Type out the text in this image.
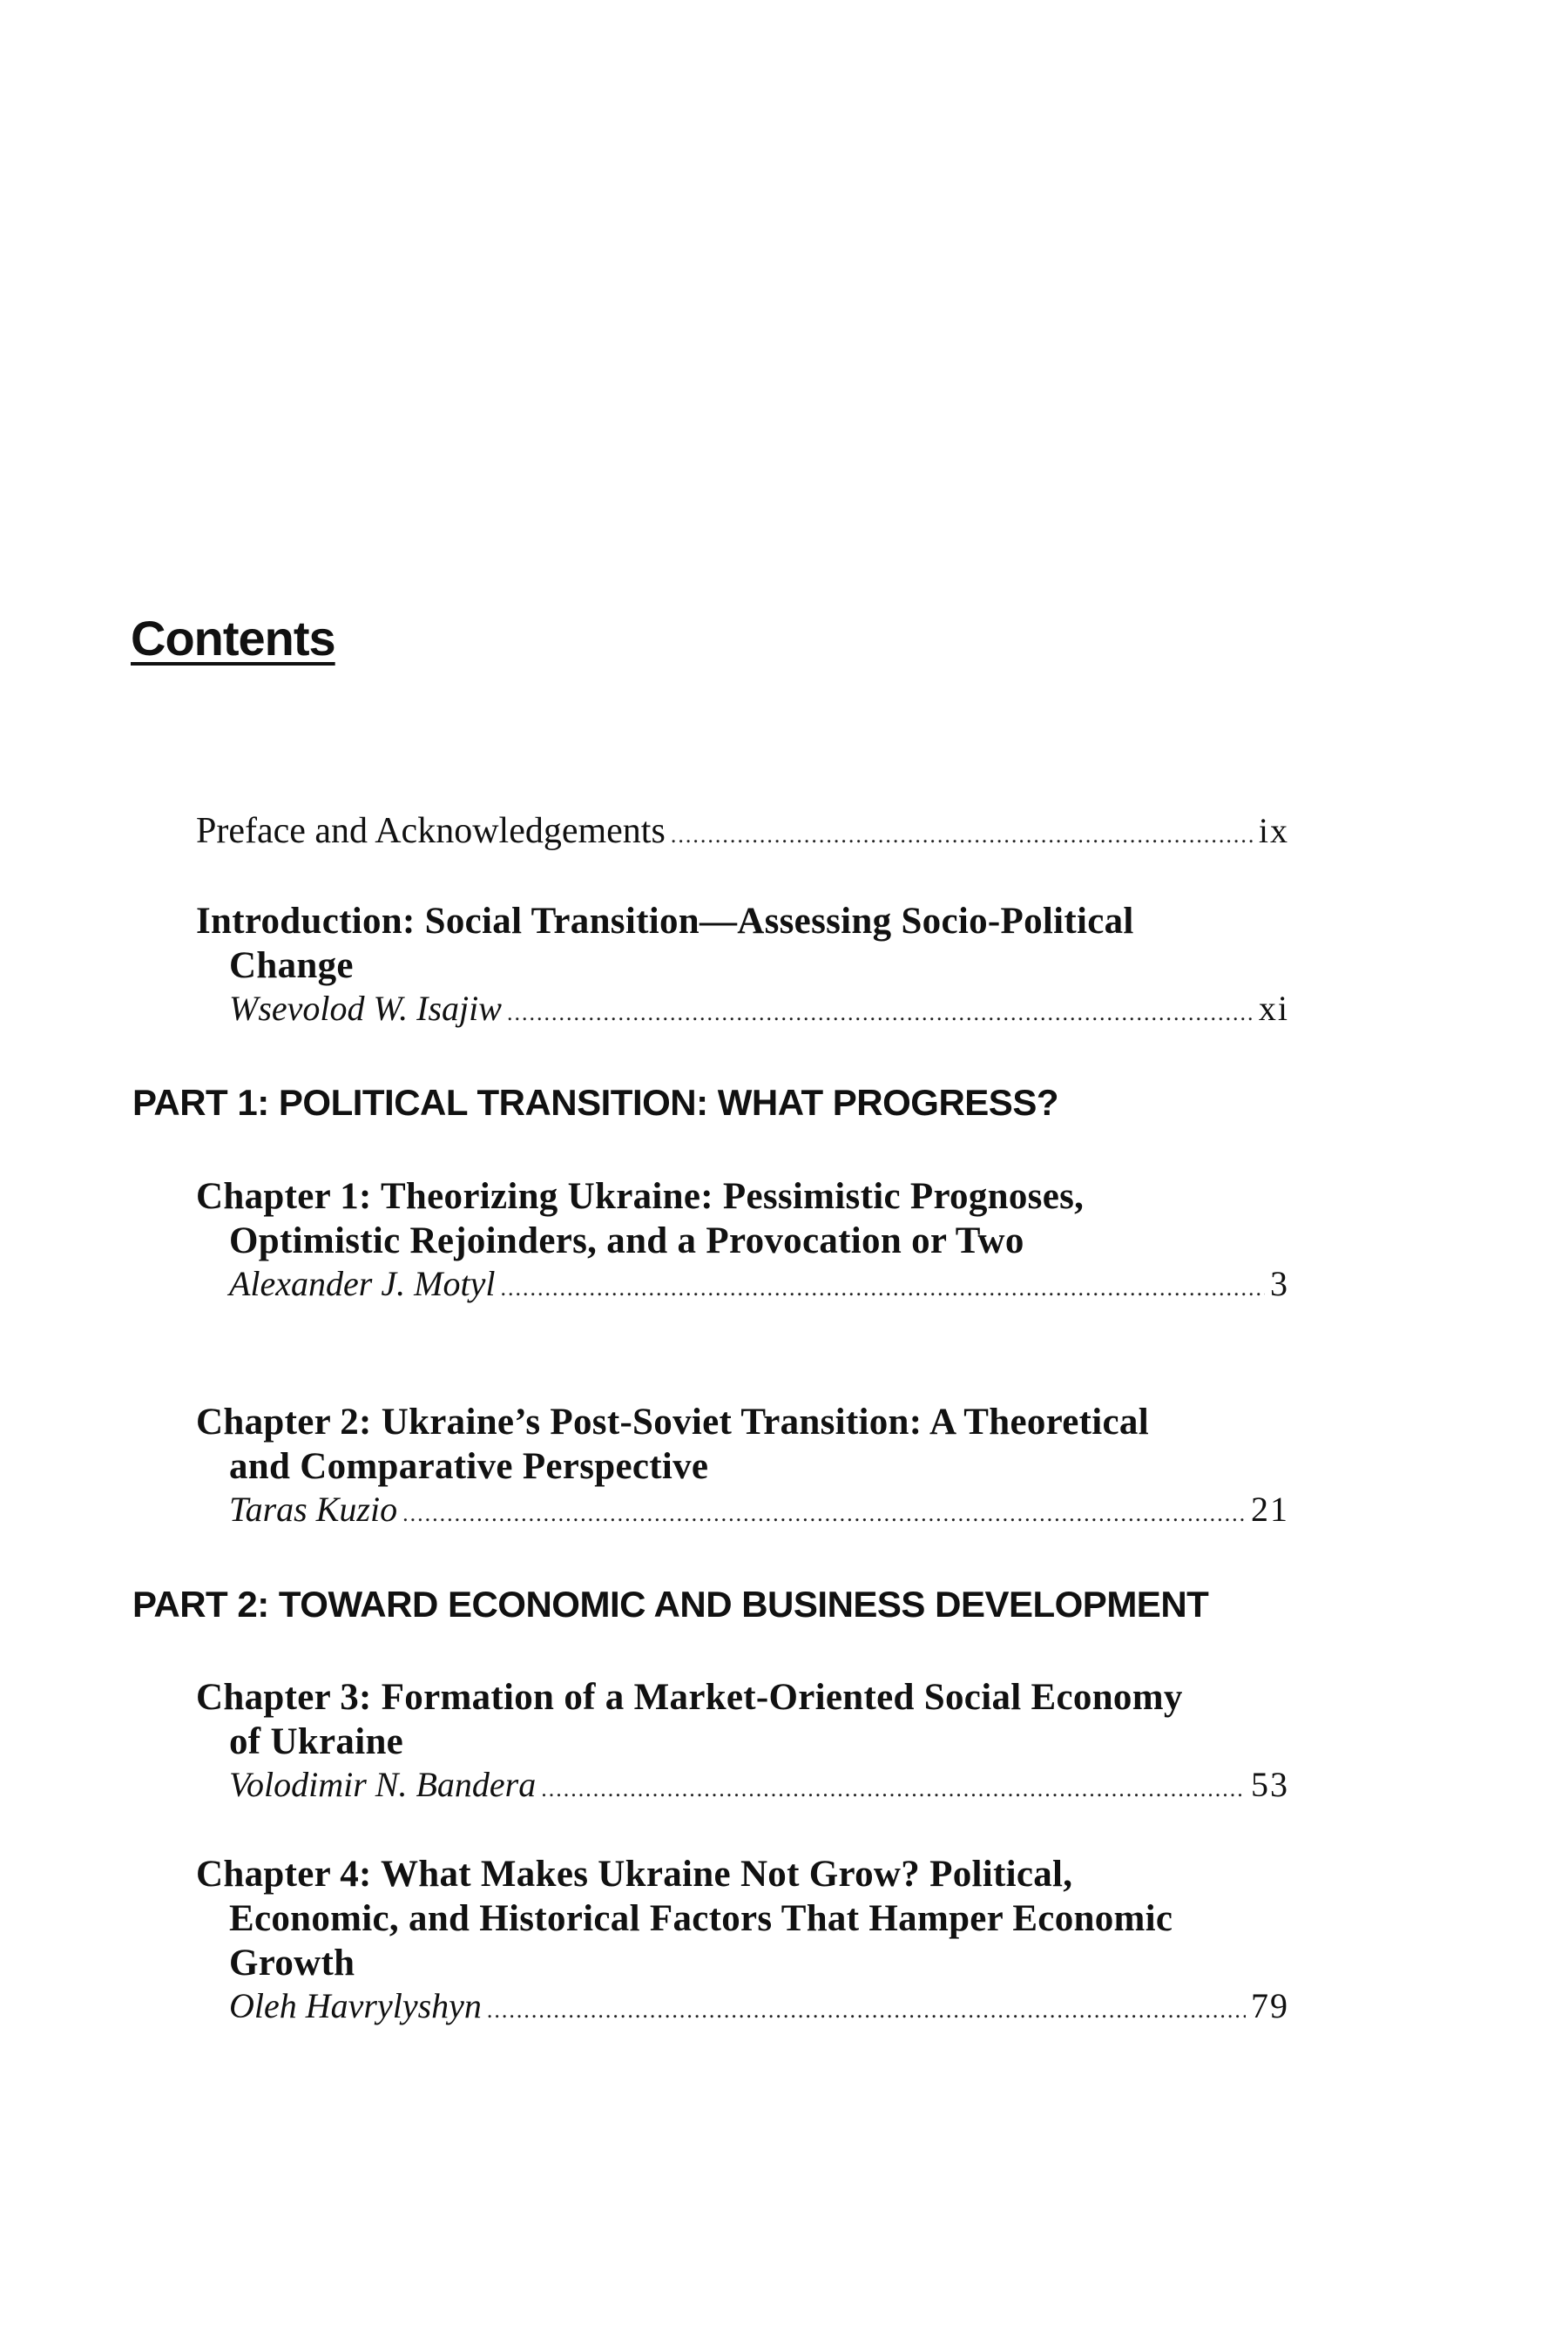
Contents
Preface and Acknowledgements .....	ix
Introduction: Social Transition—Assessing Socio-Political Change
Wsevolod W. Isajiw .....	xi
PART 1: POLITICAL TRANSITION: WHAT PROGRESS?
Chapter 1: Theorizing Ukraine: Pessimistic Prognoses, Optimistic Rejoinders, and a Provocation or Two
Alexander J. Motyl .....	3
Chapter 2: Ukraine’s Post-Soviet Transition: A Theoretical and Comparative Perspective
Taras Kuzio .....	21
PART 2: TOWARD ECONOMIC AND BUSINESS DEVELOPMENT
Chapter 3: Formation of a Market-Oriented Social Economy of Ukraine
Volodimir N. Bandera .....	53
Chapter 4: What Makes Ukraine Not Grow? Political, Economic, and Historical Factors That Hamper Economic Growth
Oleh Havrylyshyn .....	79
